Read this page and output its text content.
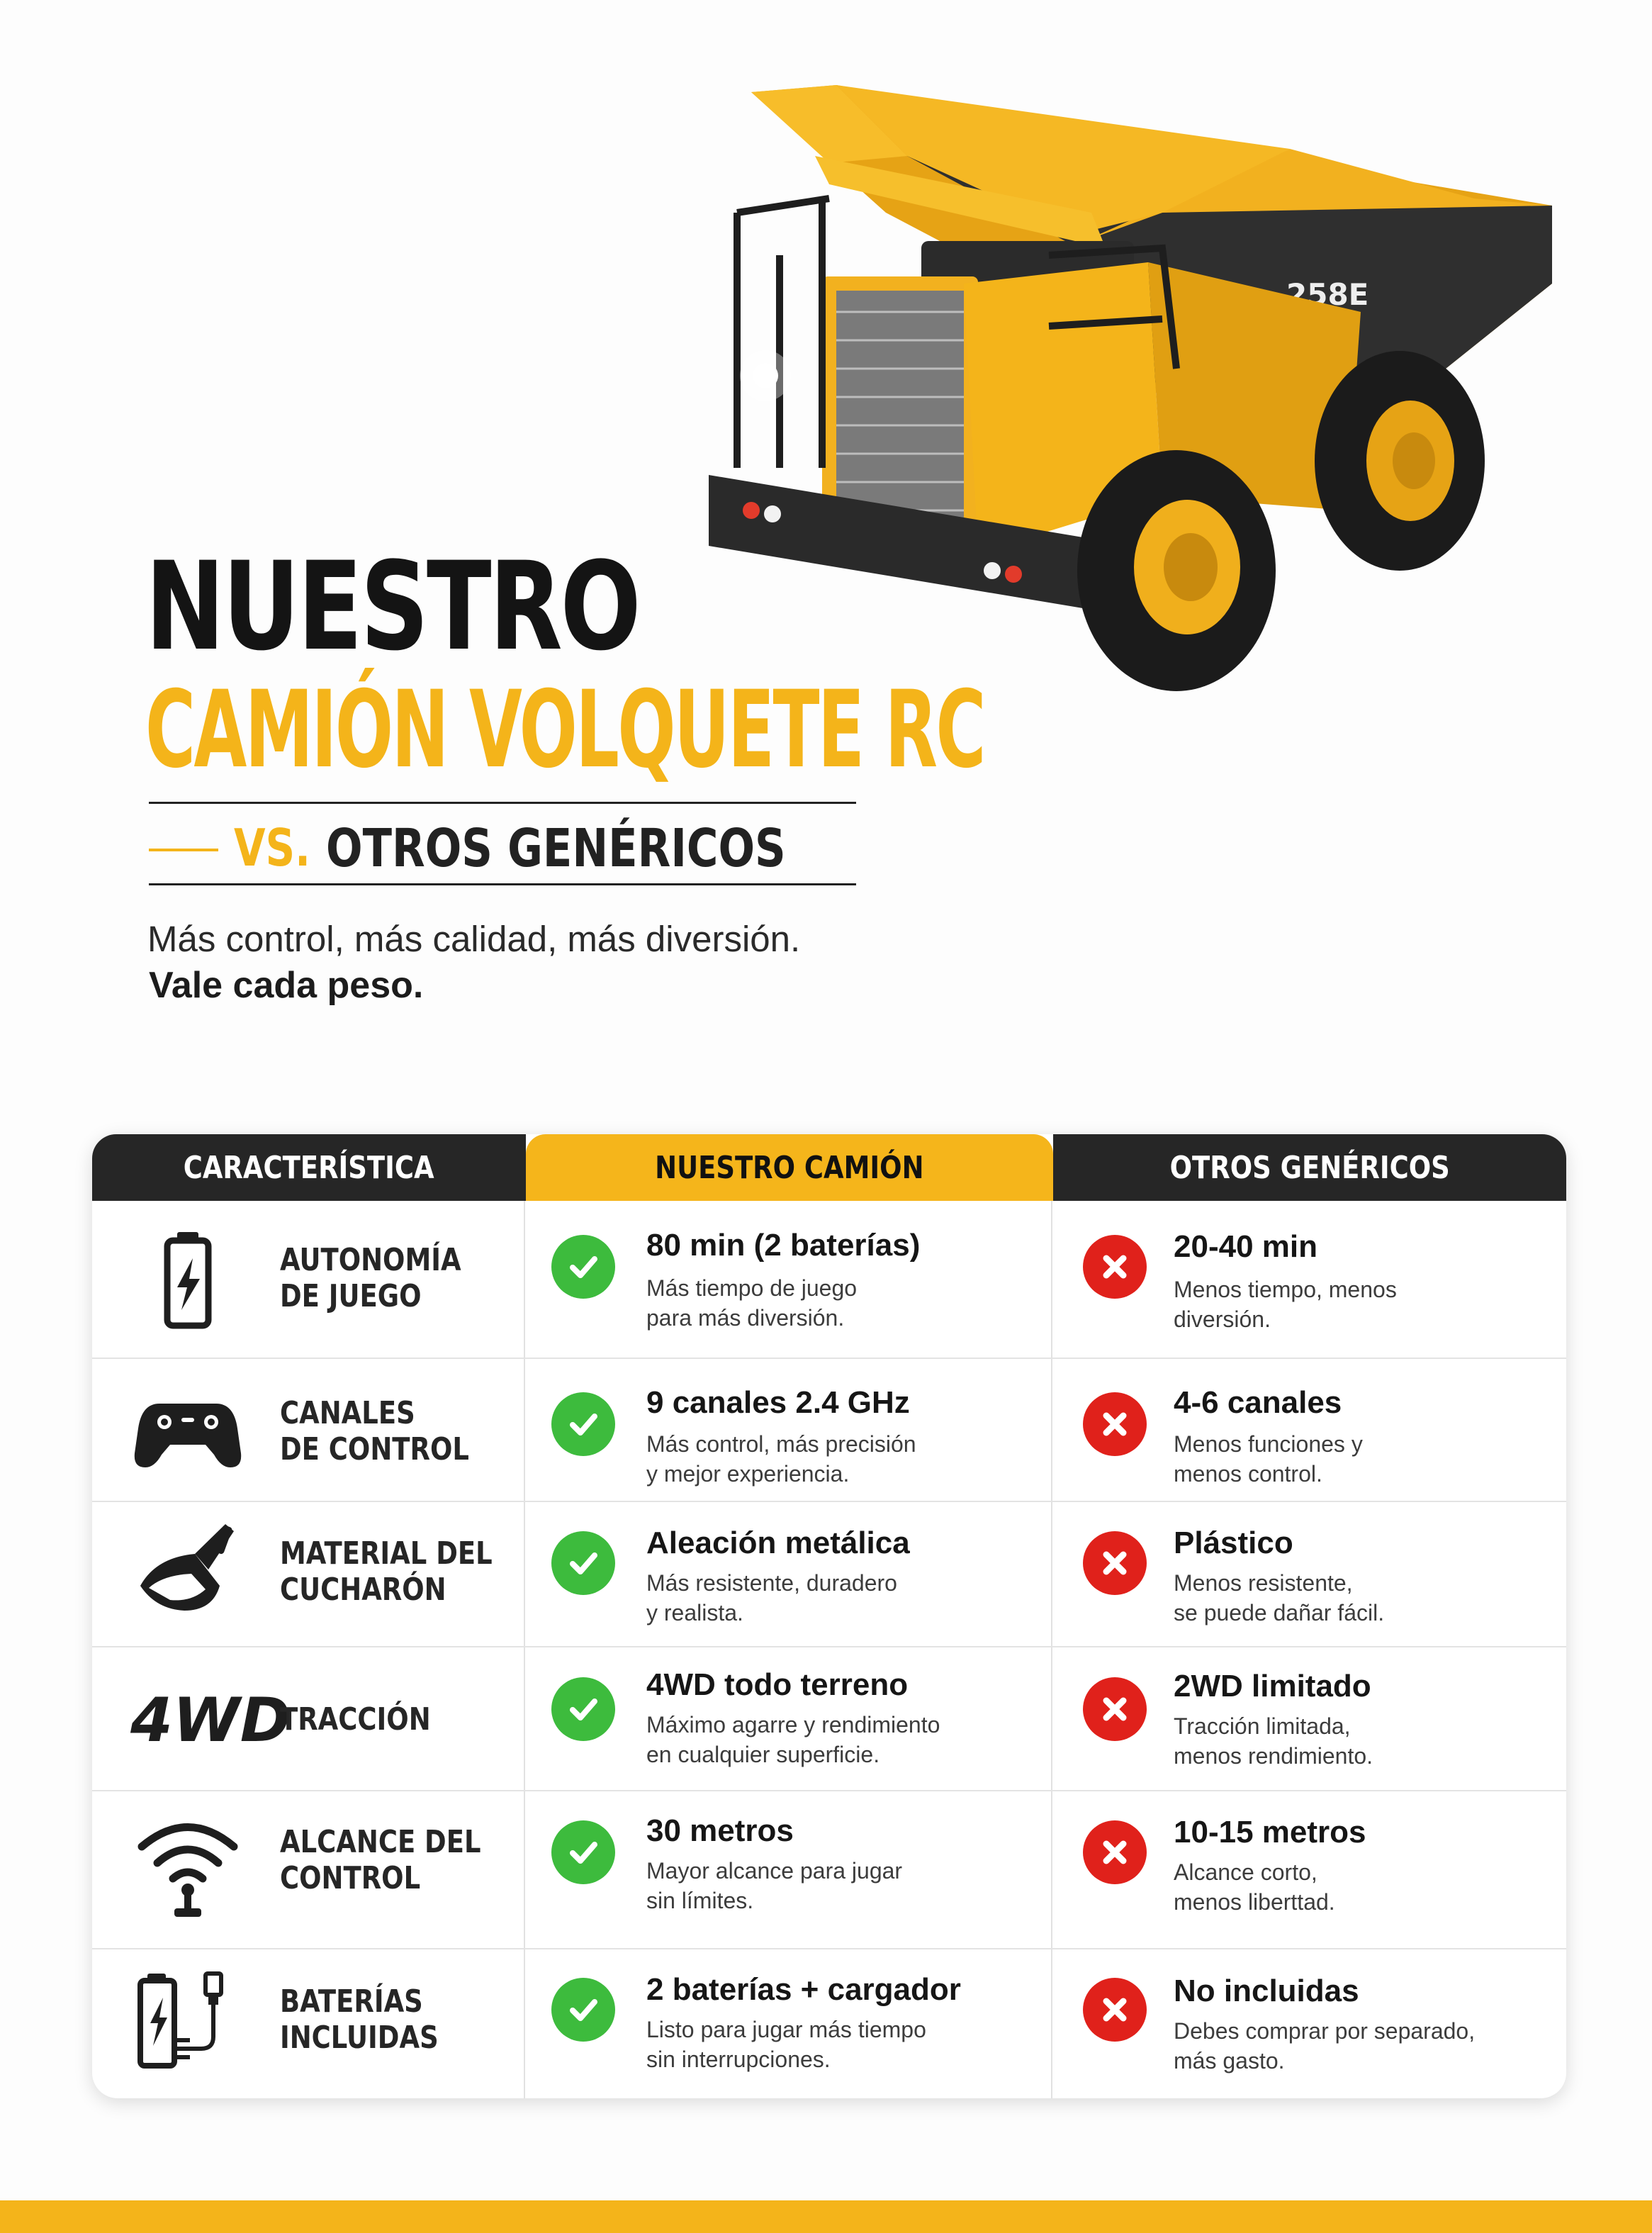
NUESTRO
CAMIÓN VOLQUETE RC
VS. OTROS GENÉRICOS
Más control, más calidad, más diversión.
Vale cada peso.
258E
CARACTERÍSTICA	NUESTRO CAMIÓN	OTROS GENÉRICOS
AUTONOMÍA
DE JUEGO
80 min (2 baterías)
Más tiempo de juego
para más diversión.
20-40 min
Menos tiempo, menos
diversión.
CANALES
DE CONTROL
9 canales 2.4 GHz
Más control, más precisión
y mejor experiencia.
4-6 canales
Menos funciones y
menos control.
MATERIAL DEL
CUCHARÓN
Aleación metálica
Más resistente, duradero
y realista.
Plástico
Menos resistente,
se puede dañar fácil.
4WD
TRACCIÓN
4WD todo terreno
Máximo agarre y rendimiento
en cualquier superficie.
2WD limitado
Tracción limitada,
menos rendimiento.
ALCANCE DEL
CONTROL
30 metros
Mayor alcance para jugar
sin límites.
10-15 metros
Alcance corto,
menos liberttad.
BATERÍAS
INCLUIDAS
2 baterías + cargador
Listo para jugar más tiempo
sin interrupciones.
No incluidas
Debes comprar por separado,
más gasto.
